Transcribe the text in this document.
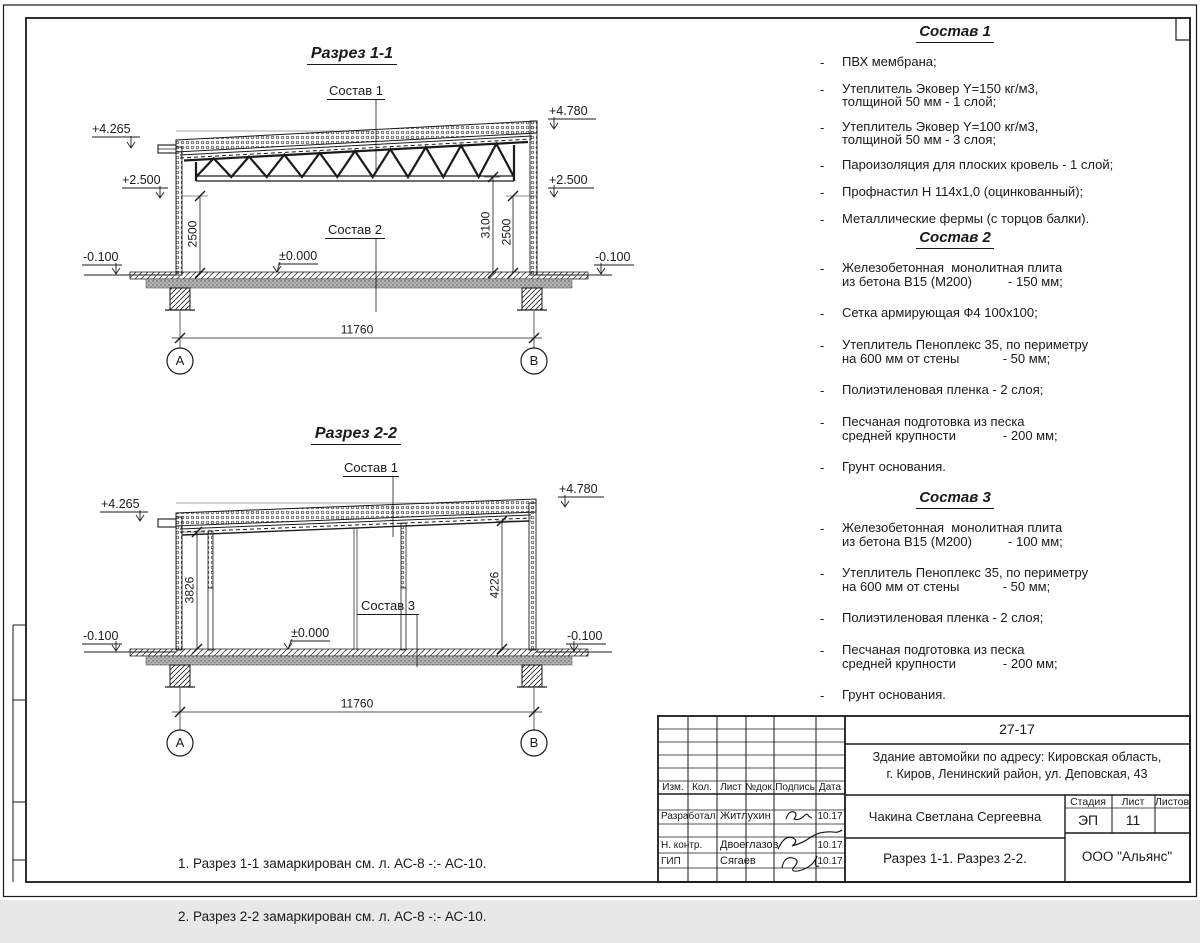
Разрез 1-1
Состав 1
Состав 2
+4.265
+2.500
+4.780
+2.500
±0.000
-0.100	-0.100
2500	3100 2500
11760
А	В
Разрез 2-2
Состав 1
Состав 3
+4.265
+4.780
±0.000
-0.100	-0.100
3826	4226
11760
А	В
Состав 1
-	ПВХ мембрана;
-	Утеплитель Эковер Y=150 кг/м3,
толщиной 50 мм - 1 слой;
-	Утеплитель Эковер Y=100 кг/м3,
толщиной 50 мм - 3 слоя;
-	Пароизоляция для плоских кровель - 1 слой;
-	Профнастил Н 114х1,0 (оцинкованный);
-	Металлические фермы (с торцов балки).
Состав 2
-	Железобетонная  монолитная плита
из бетона В15 (М200)          - 150 мм;
-	Сетка армирующая Ф4 100х100;
-	Утеплитель Пеноплекс 35, по периметру
на 600 мм от стены            - 50 мм;
-	Полиэтиленовая пленка - 2 слоя;
-	Песчаная подготовка из песка
средней крупности             - 200 мм;
-	Грунт основания.
Состав 3
-	Железобетонная  монолитная плита
из бетона В15 (М200)          - 100 мм;
-	Утеплитель Пеноплекс 35, по периметру
на 600 мм от стены            - 50 мм;
-	Полиэтиленовая пленка - 2 слоя;
-	Песчаная подготовка из песка
средней крупности             - 200 мм;
-	Грунт основания.

1. Разрез 1-1 замаркирован см. л. АС-8 -:- АС-10.

2. Разрез 2-2 замаркирован см. л. АС-8 -:- АС-10.

27-17
Здание автомойки по адресу: Кировская область,
г. Киров, Ленинский район, ул. Деповская, 43
Чакина Светлана Сергеевна
Разрез 1-1. Разрез 2-2.	ООО "Альянс"
Стадия Лист Листов
ЭП 11
Изм. Кол. Лист №док. Подпись Дата
Разработал Житлухин	10.17
Н. контр. Двоеглазов	10.17
ГИП	Сягаев	10.17
